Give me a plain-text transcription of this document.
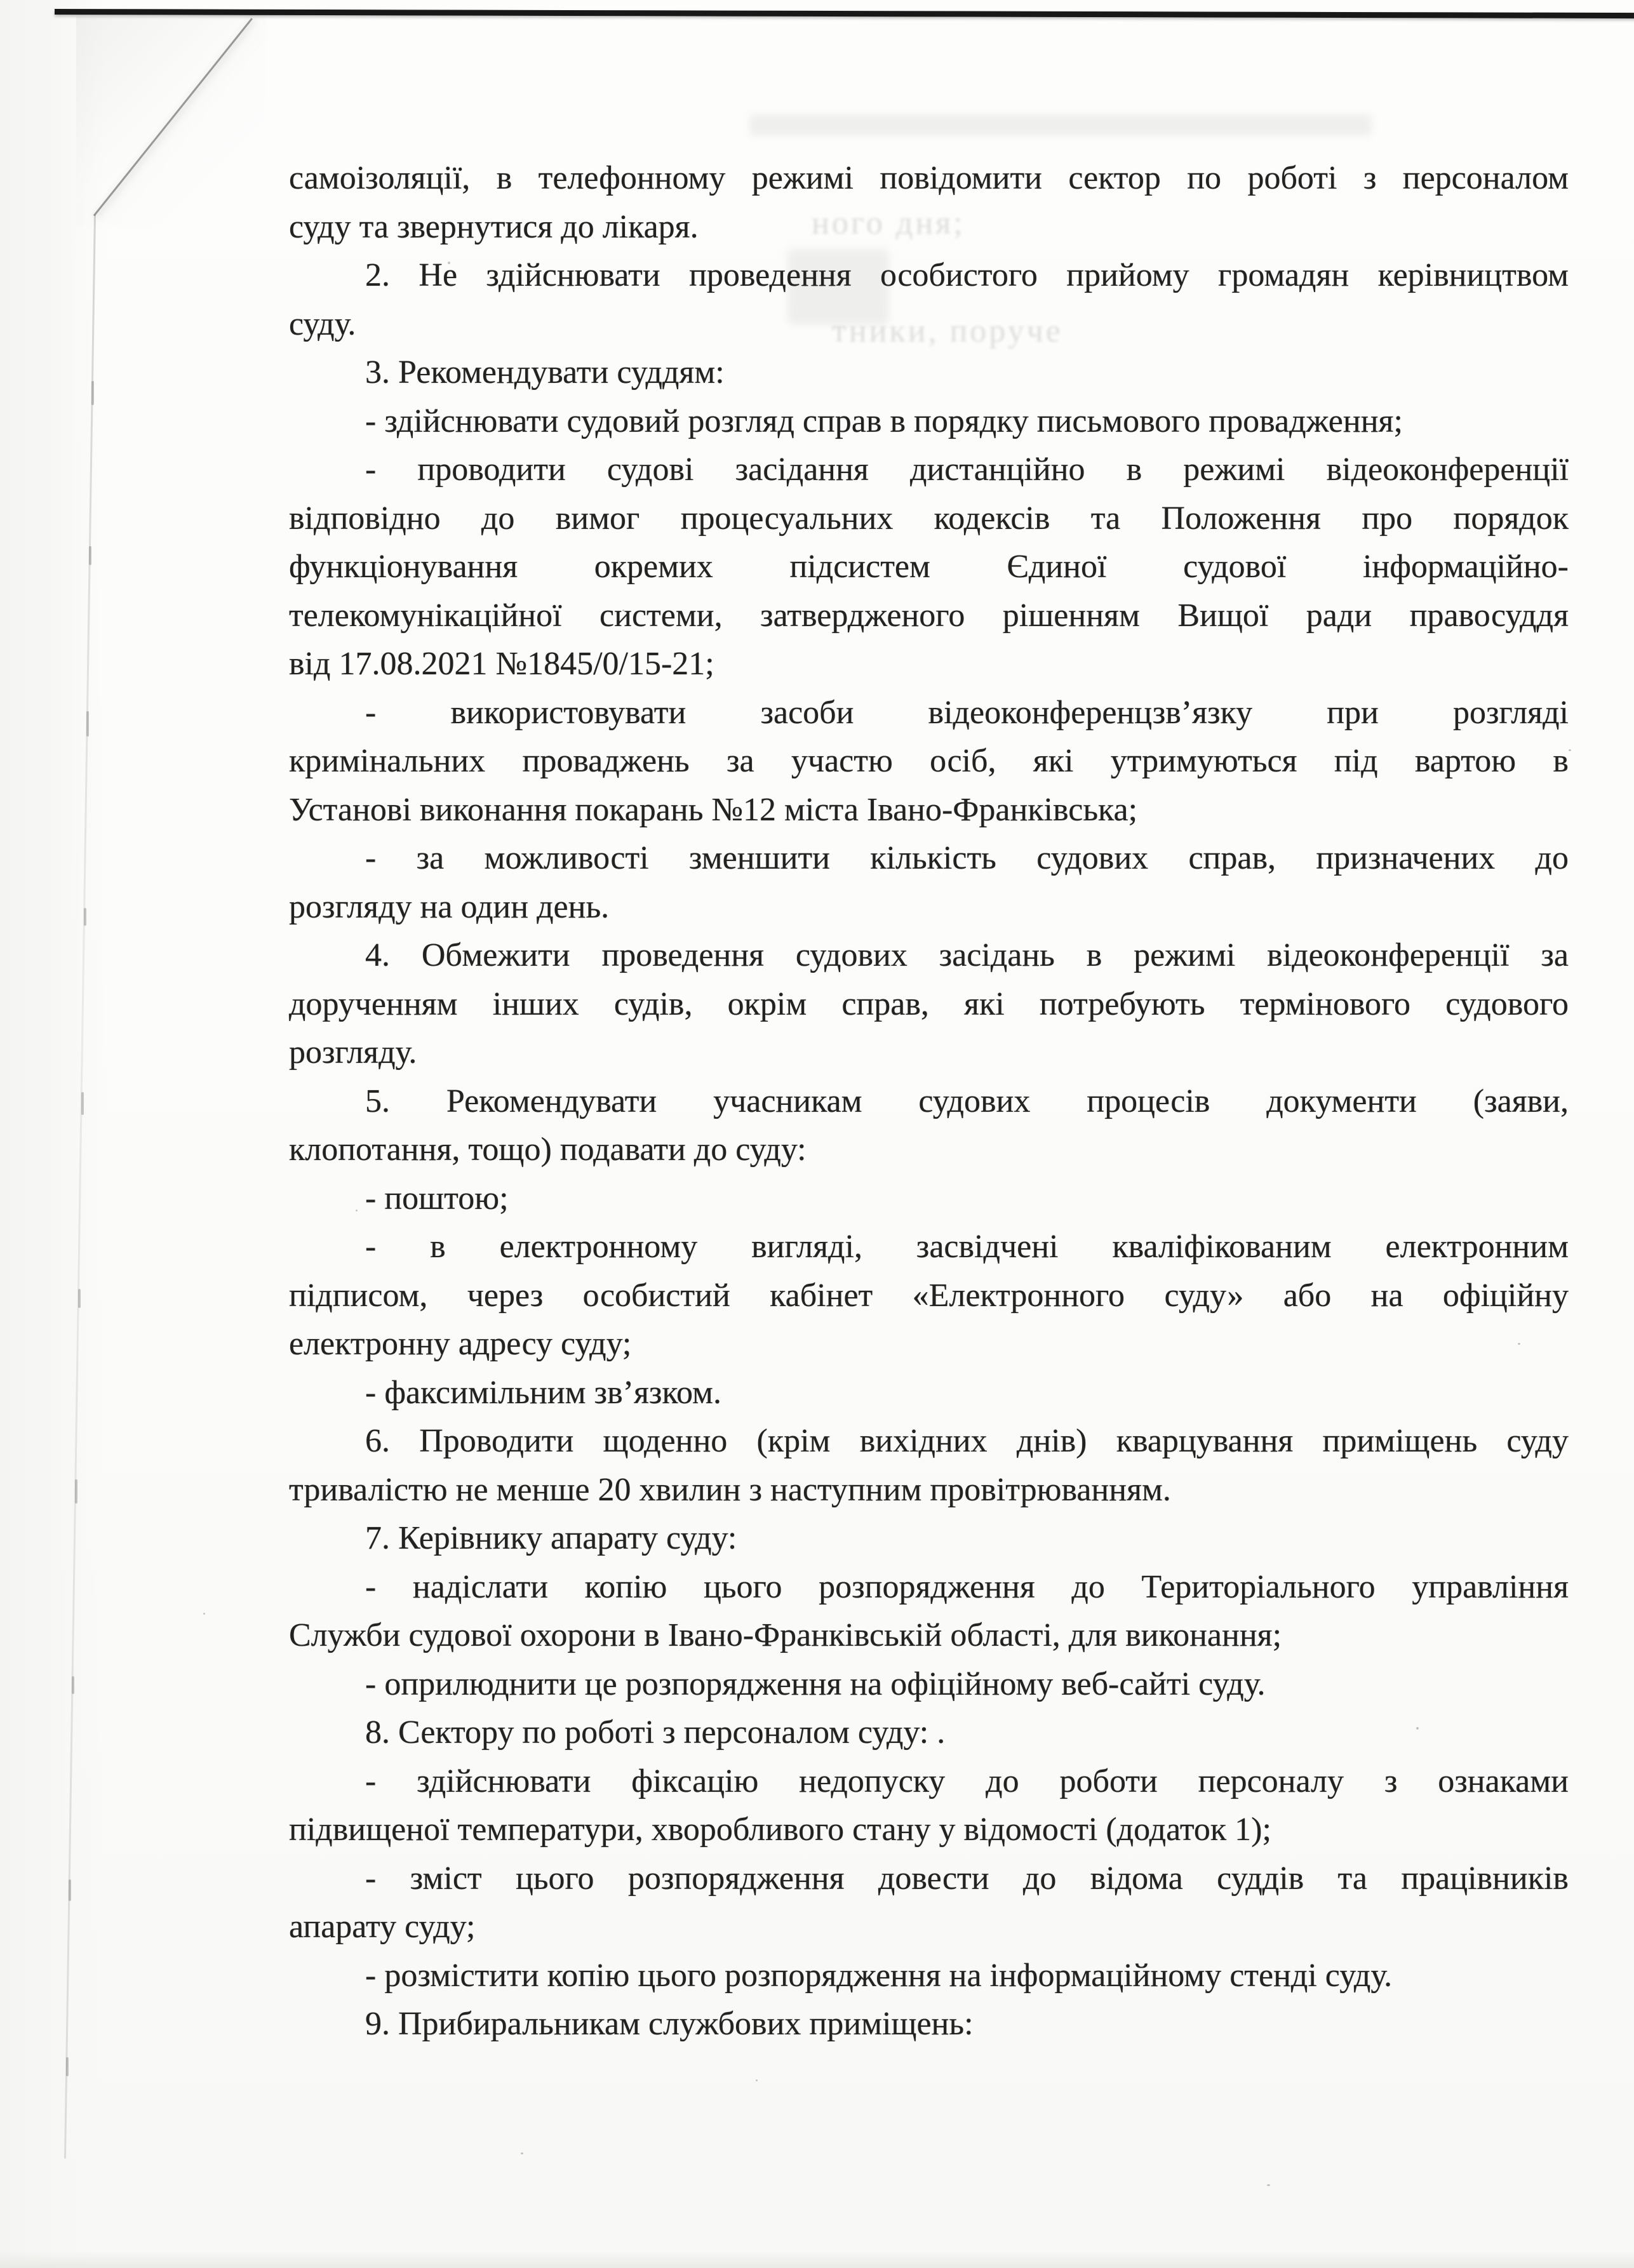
ного дня;
тники, поруче
самоізоляції, в телефонному режимі повідомити сектор по роботі з персоналом
суду та звернутися до лікаря.
2. Не здійснювати проведення особистого прийому громадян керівництвом
суду.
3. Рекомендувати суддям:
- здійснювати судовий розгляд справ в порядку письмового провадження;
- проводити судові засідання дистанційно в режимі відеоконференції
відповідно до вимог процесуальних кодексів та Положення про порядок
функціонування окремих підсистем Єдиної судової інформаційно-
телекомунікаційної системи, затвердженого рішенням Вищої ради правосуддя
від 17.08.2021 №1845/0/15-21;
- використовувати засоби відеоконференцзв’язку при розгляді
кримінальних проваджень за участю осіб, які утримуються під вартою в
Установі виконання покарань №12 міста Івано-Франківська;
- за можливості зменшити кількість судових справ, призначених до
розгляду на один день.
4. Обмежити проведення судових засідань в режимі відеоконференції за
дорученням інших судів, окрім справ, які потребують термінового судового
розгляду.
5. Рекомендувати учасникам судових процесів документи (заяви,
клопотання, тощо) подавати до суду:
- поштою;
- в електронному вигляді, засвідчені кваліфікованим електронним
підписом, через особистий кабінет «Електронного суду» або на офіційну
електронну адресу суду;
- факсимільним зв’язком.
6. Проводити щоденно (крім вихідних днів) кварцування приміщень суду
тривалістю не менше 20 хвилин з наступним провітрюванням.
7. Керівнику апарату суду:
- надіслати копію цього розпорядження до Територіального управління
Служби судової охорони в Івано-Франківській області, для виконання;
- оприлюднити це розпорядження на офіційному веб-сайті суду.
8. Сектору по роботі з персоналом суду: .
- здійснювати фіксацію недопуску до роботи персоналу з ознаками
підвищеної температури, хворобливого стану у відомості (додаток 1);
- зміст цього розпорядження довести до відома суддів та працівників
апарату суду;
- розмістити копію цього розпорядження на інформаційному стенді суду.
9. Прибиральникам службових приміщень:
